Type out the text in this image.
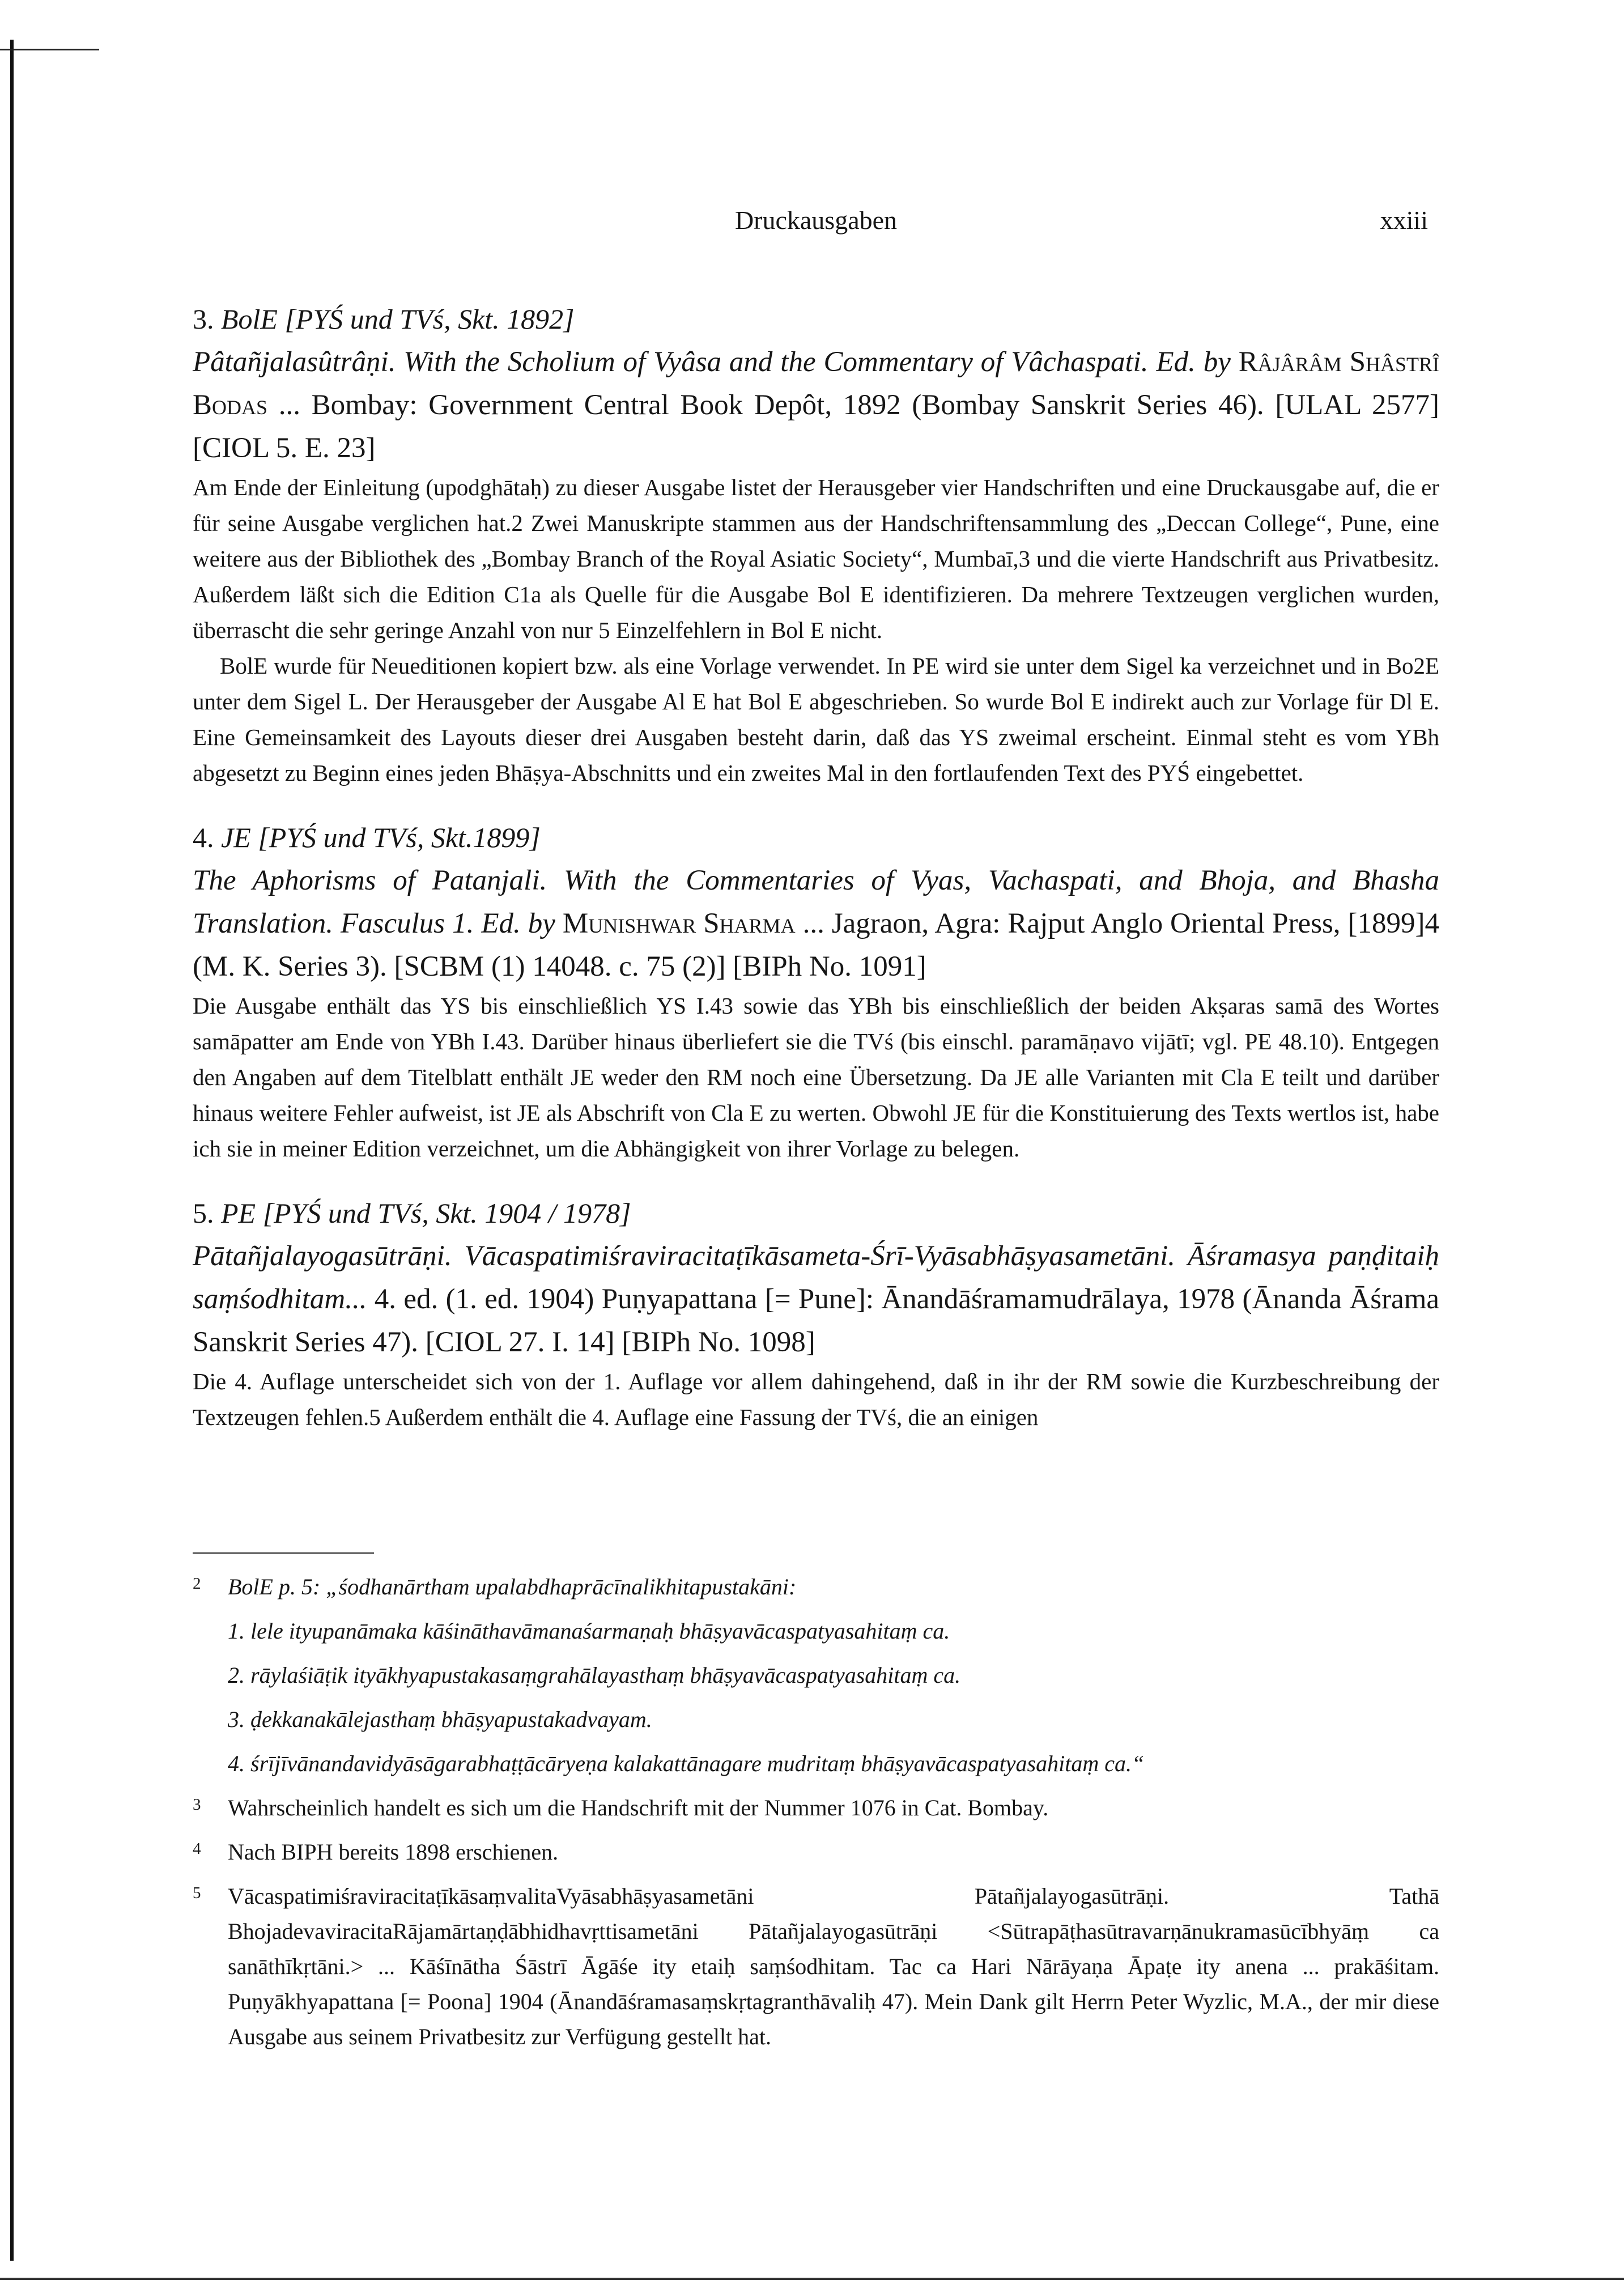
Druckausgaben	xxiii
3. BolE [PYŚ und TVś, Skt. 1892]
Pâtañjalasûtrâṇi. With the Scholium of Vyâsa and the Commentary of Vâchaspati. Ed. by Râjârâm Shâstrî Bodas ... Bombay: Government Central Book Depôt, 1892 (Bombay Sanskrit Series 46). [ULAL 2577] [CIOL 5. E. 23]

Am Ende der Einleitung (upodghātaḥ) zu dieser Ausgabe listet der Herausgeber vier Handschriften und eine Druckausgabe auf, die er für seine Ausgabe verglichen hat.2 Zwei Manuskripte stammen aus der Handschriftensammlung des „Deccan College“, Pune, eine weitere aus der Bibliothek des „Bombay Branch of the Royal Asiatic Society“, Mumbaī,3 und die vierte Handschrift aus Privatbesitz. Außerdem läßt sich die Edition C1a als Quelle für die Ausgabe Bol E identifizieren. Da mehrere Textzeugen verglichen wurden, überrascht die sehr geringe Anzahl von nur 5 Einzelfehlern in Bol E nicht.

BolE wurde für Neueditionen kopiert bzw. als eine Vorlage verwendet. In PE wird sie unter dem Sigel ka verzeichnet und in Bo2E unter dem Sigel L. Der Herausgeber der Ausgabe Al E hat Bol E abgeschrieben. So wurde Bol E indirekt auch zur Vorlage für Dl E. Eine Gemeinsamkeit des Layouts dieser drei Ausgaben besteht darin, daß das YS zweimal erscheint. Einmal steht es vom YBh abgesetzt zu Beginn eines jeden Bhāṣya-Abschnitts und ein zweites Mal in den fortlaufenden Text des PYŚ eingebettet.

4. JE [PYŚ und TVś, Skt.1899]
The Aphorisms of Patanjali. With the Commentaries of Vyas, Vachaspati, and Bhoja, and Bhasha Translation. Fasculus 1. Ed. by Munishwar Sharma ... Jagraon, Agra: Rajput Anglo Oriental Press, [1899]4 (M. K. Series 3). [SCBM (1) 14048. c. 75 (2)] [BIPh No. 1091]

Die Ausgabe enthält das YS bis einschließlich YS I.43 sowie das YBh bis einschließlich der beiden Akṣaras samā des Wortes samāpatter am Ende von YBh I.43. Darüber hinaus überliefert sie die TVś (bis einschl. paramāṇavo vijātī; vgl. PE 48.10). Entgegen den Angaben auf dem Titelblatt enthält JE weder den RM noch eine Übersetzung. Da JE alle Varianten mit Cla E teilt und darüber hinaus weitere Fehler aufweist, ist JE als Abschrift von Cla E zu werten. Obwohl JE für die Konstituierung des Texts wertlos ist, habe ich sie in meiner Edition verzeichnet, um die Abhängigkeit von ihrer Vorlage zu belegen.

5. PE [PYŚ und TVś, Skt. 1904 / 1978]
Pātañjalayogasūtrāṇi. Vācaspatimiśraviracitaṭīkāsameta-Śrī-Vyāsabhāṣyasametāni. Āśramasya paṇḍitaiḥ saṃśodhitam... 4. ed. (1. ed. 1904) Puṇyapattana [= Pune]: Ānandāśramamudrālaya, 1978 (Ānanda Āśrama Sanskrit Series 47). [CIOL 27. I. 14] [BIPh No. 1098]

Die 4. Auflage unterscheidet sich von der 1. Auflage vor allem dahingehend, daß in ihr der RM sowie die Kurzbeschreibung der Textzeugen fehlen.5 Außerdem enthält die 4. Auflage eine Fassung der TVś, die an einigen

2 BolE p. 5: „śodhanārtham upalabdhaprācīnalikhitapustakāni:
1. lele ityupanāmaka kāśināthavāmanaśarmaṇaḥ bhāṣyavācaspatyasahitaṃ ca.
2. rāylaśiāṭik ityākhyapustakasaṃgrahālayasthaṃ bhāṣyavācaspatyasahitaṃ ca.
3. ḍekkanakālejasthaṃ bhāṣyapustakadvayam.
4. śrījīvānandavidyāsāgarabhaṭṭācāryeṇa kalakattānagare mudritaṃ bhāṣyavācaspatyasahitaṃ ca.“
3 Wahrscheinlich handelt es sich um die Handschrift mit der Nummer 1076 in Cat. Bombay.
4 Nach BIPH bereits 1898 erschienen.
5 VācaspatimiśraviracitaṭīkāsaṃvalitaVyāsabhāṣyasametāni Pātañjalayogasūtrāṇi. Tathā BhojadevaviracitaRājamārtaṇḍābhidhavṛttisametāni Pātañjalayogasūtrāṇi <Sūtrapāṭhasūtravarṇānukramasūcībhyāṃ ca sanāthīkṛtāni.> ... Kāśīnātha Śāstrī Āgāśe ity etaiḥ saṃśodhitam. Tac ca Hari Nārāyaṇa Āpaṭe ity anena ... prakāśitam. Puṇyākhyapattana [= Poona] 1904 (Ānandāśramasaṃskṛtagranthāvaliḥ 47). Mein Dank gilt Herrn Peter Wyzlic, M.A., der mir diese Ausgabe aus seinem Privatbesitz zur Verfügung gestellt hat.
